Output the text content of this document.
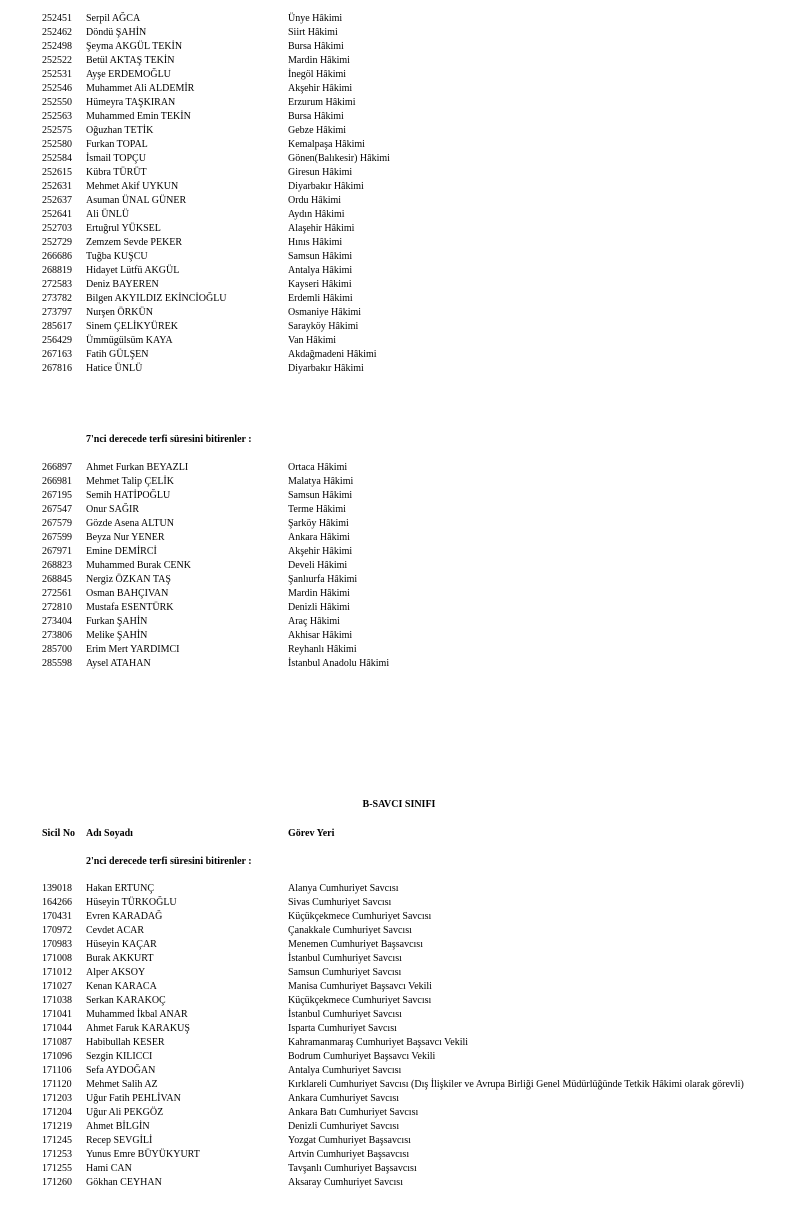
252451 Serpil AĞCA	Ünye Hâkimi
252462 Döndü ŞAHİN	Siirt Hâkimi
252498 Şeyma AKGÜL TEKİN	Bursa Hâkimi
252522 Betül AKTAŞ TEKİN	Mardin Hâkimi
252531 Ayşe ERDEMOĞLU	İnegöl Hâkimi
252546 Muhammet Ali ALDEMİR	Akşehir Hâkimi
252550 Hümeyra TAŞKIRAN	Erzurum Hâkimi
252563 Muhammed Emin TEKİN	Bursa Hâkimi
252575 Oğuzhan TETİK	Gebze Hâkimi
252580 Furkan TOPAL	Kemalpaşa Hâkimi
252584 İsmail TOPÇU	Gönen(Balıkesir) Hâkimi
252615 Kübra TÜRÜT	Giresun Hâkimi
252631 Mehmet Akif UYKUN	Diyarbakır Hâkimi
252637 Asuman ÜNAL GÜNER	Ordu Hâkimi
252641 Ali ÜNLÜ	Aydın Hâkimi
252703 Ertuğrul YÜKSEL	Alaşehir Hâkimi
252729 Zemzem Sevde PEKER	Hınıs Hâkimi
266686 Tuğba KUŞCU	Samsun Hâkimi
268819 Hidayet Lütfü AKGÜL	Antalya Hâkimi
272583 Deniz BAYEREN	Kayseri Hâkimi
273782 Bilgen AKYILDIZ EKİNCİOĞLU	Erdemli Hâkimi
273797 Nurşen ÖRKÜN	Osmaniye Hâkimi
285617 Sinem ÇELİKYÜREK	Sarayköy Hâkimi
256429 Ümmügülsüm KAYA	Van Hâkimi
267163 Fatih GÜLŞEN	Akdağmadeni Hâkimi
267816 Hatice ÜNLÜ	Diyarbakır Hâkimi
7'nci derecede terfi süresini bitirenler :
266897 Ahmet Furkan BEYAZLI	Ortaca Hâkimi
266981 Mehmet Talip ÇELİK	Malatya Hâkimi
267195 Semih HATİPOĞLU	Samsun Hâkimi
267547 Onur SAĞIR	Terme Hâkimi
267579 Gözde Asena ALTUN	Şarköy Hâkimi
267599 Beyza Nur YENER	Ankara Hâkimi
267971 Emine DEMİRCİ	Akşehir Hâkimi
268823 Muhammed Burak CENK	Develi Hâkimi
268845 Nergiz ÖZKAN TAŞ	Şanlıurfa Hâkimi
272561 Osman BAHÇIVAN	Mardin Hâkimi
272810 Mustafa ESENTÜRK	Denizli Hâkimi
273404 Furkan ŞAHİN	Araç Hâkimi
273806 Melike ŞAHİN	Akhisar Hâkimi
285700 Erim Mert YARDIMCI	Reyhanlı Hâkimi
285598 Aysel ATAHAN	İstanbul Anadolu Hâkimi
B-SAVCI SINIFI
Sicil No Adı Soyadı	Görev Yeri
2'nci derecede terfi süresini bitirenler :
139018 Hakan ERTUNÇ	Alanya Cumhuriyet Savcısı
164266 Hüseyin TÜRKOĞLU	Sivas Cumhuriyet Savcısı
170431 Evren KARADAĞ	Küçükçekmece Cumhuriyet Savcısı
170972 Cevdet ACAR	Çanakkale Cumhuriyet Savcısı
170983 Hüseyin KAÇAR	Menemen Cumhuriyet Başsavcısı
171008 Burak AKKURT	İstanbul Cumhuriyet Savcısı
171012 Alper AKSOY	Samsun Cumhuriyet Savcısı
171027 Kenan KARACA	Manisa Cumhuriyet Başsavcı Vekili
171038 Serkan KARAKOÇ	Küçükçekmece Cumhuriyet Savcısı
171041 Muhammed İkbal ANAR	İstanbul Cumhuriyet Savcısı
171044 Ahmet Faruk KARAKUŞ	Isparta Cumhuriyet Savcısı
171087 Habibullah KESER	Kahramanmaraş Cumhuriyet Başsavcı Vekili
171096 Sezgin KILICCI	Bodrum Cumhuriyet Başsavcı Vekili
171106 Sefa AYDOĞAN	Antalya Cumhuriyet Savcısı
171120 Mehmet Salih AZ	Kırklareli Cumhuriyet Savcısı (Dış İlişkiler ve Avrupa Birliği Genel Müdürlüğünde Tetkik Hâkimi olarak görevli)
171203 Uğur Fatih PEHLİVAN	Ankara Cumhuriyet Savcısı
171204 Uğur Ali PEKGÖZ	Ankara Batı Cumhuriyet Savcısı
171219 Ahmet BİLGİN	Denizli Cumhuriyet Savcısı
171245 Recep SEVGİLİ	Yozgat Cumhuriyet Başsavcısı
171253 Yunus Emre BÜYÜKYURT	Artvin Cumhuriyet Başsavcısı
171255 Hami CAN	Tavşanlı Cumhuriyet Başsavcısı
171260 Gökhan CEYHAN	Aksaray Cumhuriyet Savcısı
